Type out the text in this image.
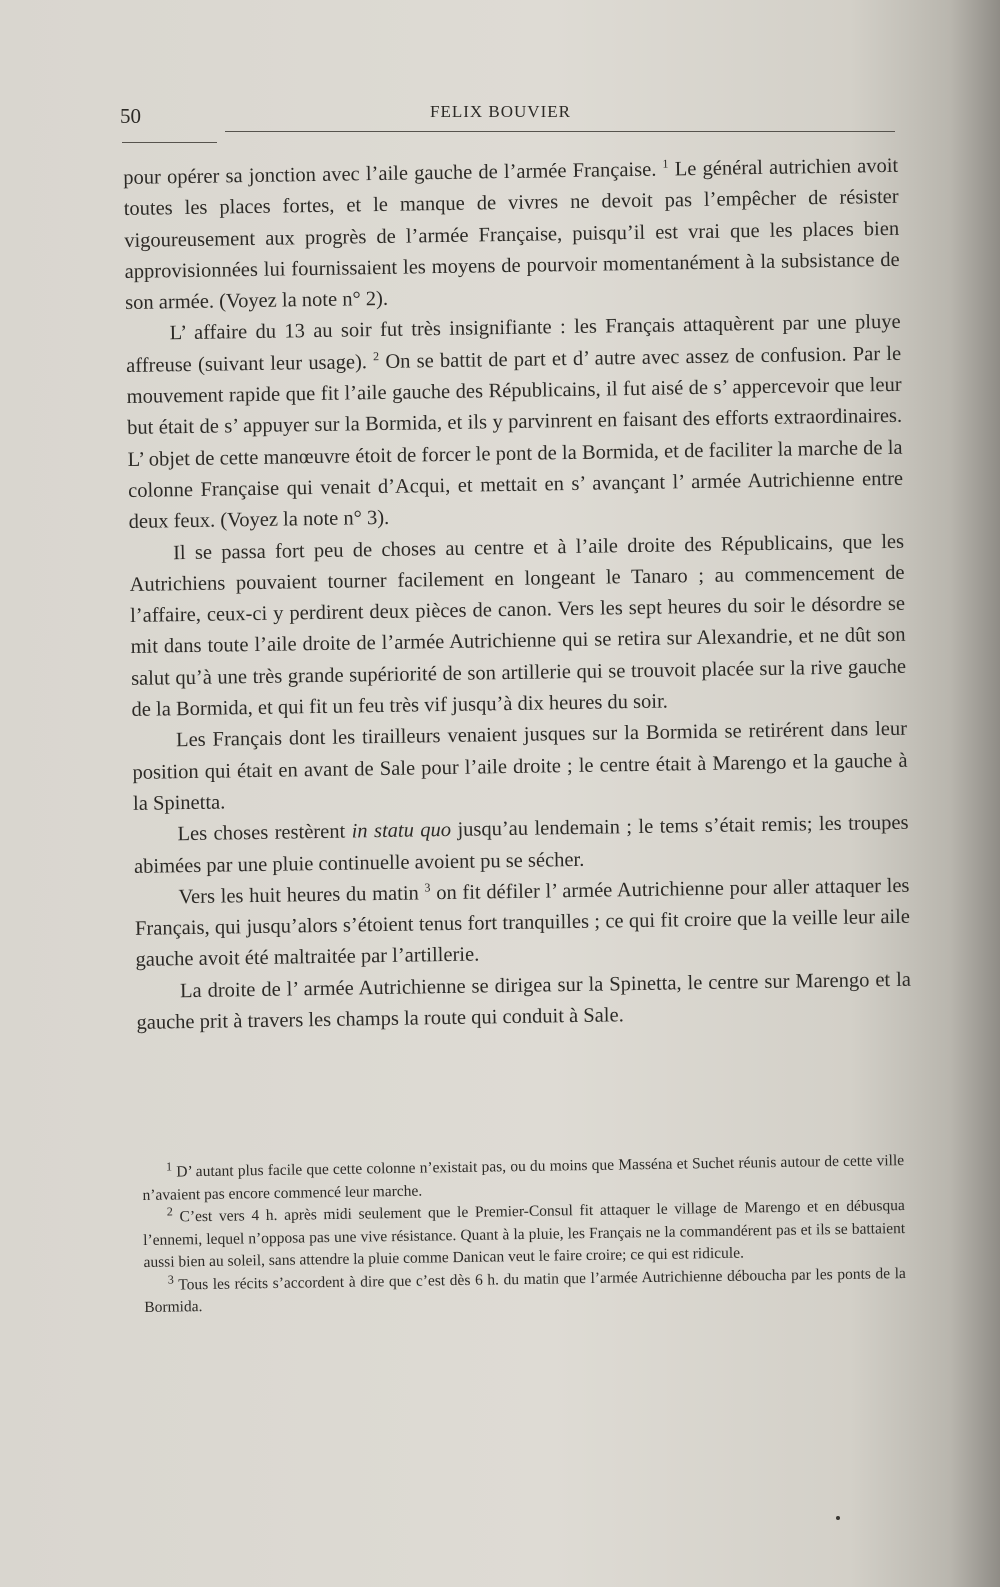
50	FELIX BOUVIER

pour opérer sa jonction avec l’aile gauche de l’armée Française. $^1$ Le général autrichien avoit toutes les places fortes, et le manque de vivres ne devoit pas l’empêcher de résister vigoureusement aux progrès de l’armée Française, puisqu’il est vrai que les places bien approvisionnées lui fournissaient les moyens de pourvoir momentanément à la subsistance de son armée. (Voyez la note n° 2).

L’ affaire du 13 au soir fut très insignifiante : les Français attaquèrent par une pluye affreuse (suivant leur usage). $^2$ On se battit de part et d’ autre avec assez de confusion. Par le mouvement rapide que fit l’aile gauche des Républicains, il fut aisé de s’ appercevoir que leur but était de s’ appuyer sur la Bormida, et ils y parvinrent en faisant des efforts extraordinaires. L’ objet de cette manœuvre étoit de forcer le pont de la Bormida, et de faciliter la marche de la colonne Française qui venait d’Acqui, et mettait en s’ avançant l’ armée Autrichienne entre deux feux. (Voyez la note n° 3).

Il se passa fort peu de choses au centre et à l’aile droite des Républicains, que les Autrichiens pouvaient tourner facilement en longeant le Tanaro ; au commencement de l’affaire, ceux-ci y perdirent deux pièces de canon. Vers les sept heures du soir le désordre se mit dans toute l’aile droite de l’armée Autrichienne qui se retira sur Alexandrie, et ne dût son salut qu’à une très grande supériorité de son artillerie qui se trouvoit placée sur la rive gauche de la Bormida, et qui fit un feu très vif jusqu’à dix heures du soir.

Les Français dont les tirailleurs venaient jusques sur la Bormida se retirérent dans leur position qui était en avant de Sale pour l’aile droite ; le centre était à Marengo et la gauche à la Spinetta.

Les choses restèrent in statu quo jusqu’au lendemain ; le tems s’était remis; les troupes abimées par une pluie continuelle avoient pu se sécher.

Vers les huit heures du matin $^3$ on fit défiler l’ armée Autrichienne pour aller attaquer les Français, qui jusqu’alors s’étoient tenus fort tranquilles ; ce qui fit croire que la veille leur aile gauche avoit été maltraitée par l’artillerie.

La droite de l’ armée Autrichienne se dirigea sur la Spinetta, le centre sur Marengo et la gauche prit à travers les champs la route qui conduit à Sale.

$^1$ D’ autant plus facile que cette colonne n’existait pas, ou du moins que Masséna et Suchet réunis autour de cette ville n’avaient pas encore commencé leur marche.

$^2$ C’est vers 4 h. après midi seulement que le Premier-Consul fit attaquer le village de Marengo et en débusqua l’ennemi, lequel n’opposa pas une vive résistance. Quant à la pluie, les Français ne la commandérent pas et ils se battaient aussi bien au soleil, sans attendre la pluie comme Danican veut le faire croire; ce qui est ridicule.

$^3$ Tous les récits s’accordent à dire que c’est dès 6 h. du matin que l’armée Autrichienne déboucha par les ponts de la Bormida.
